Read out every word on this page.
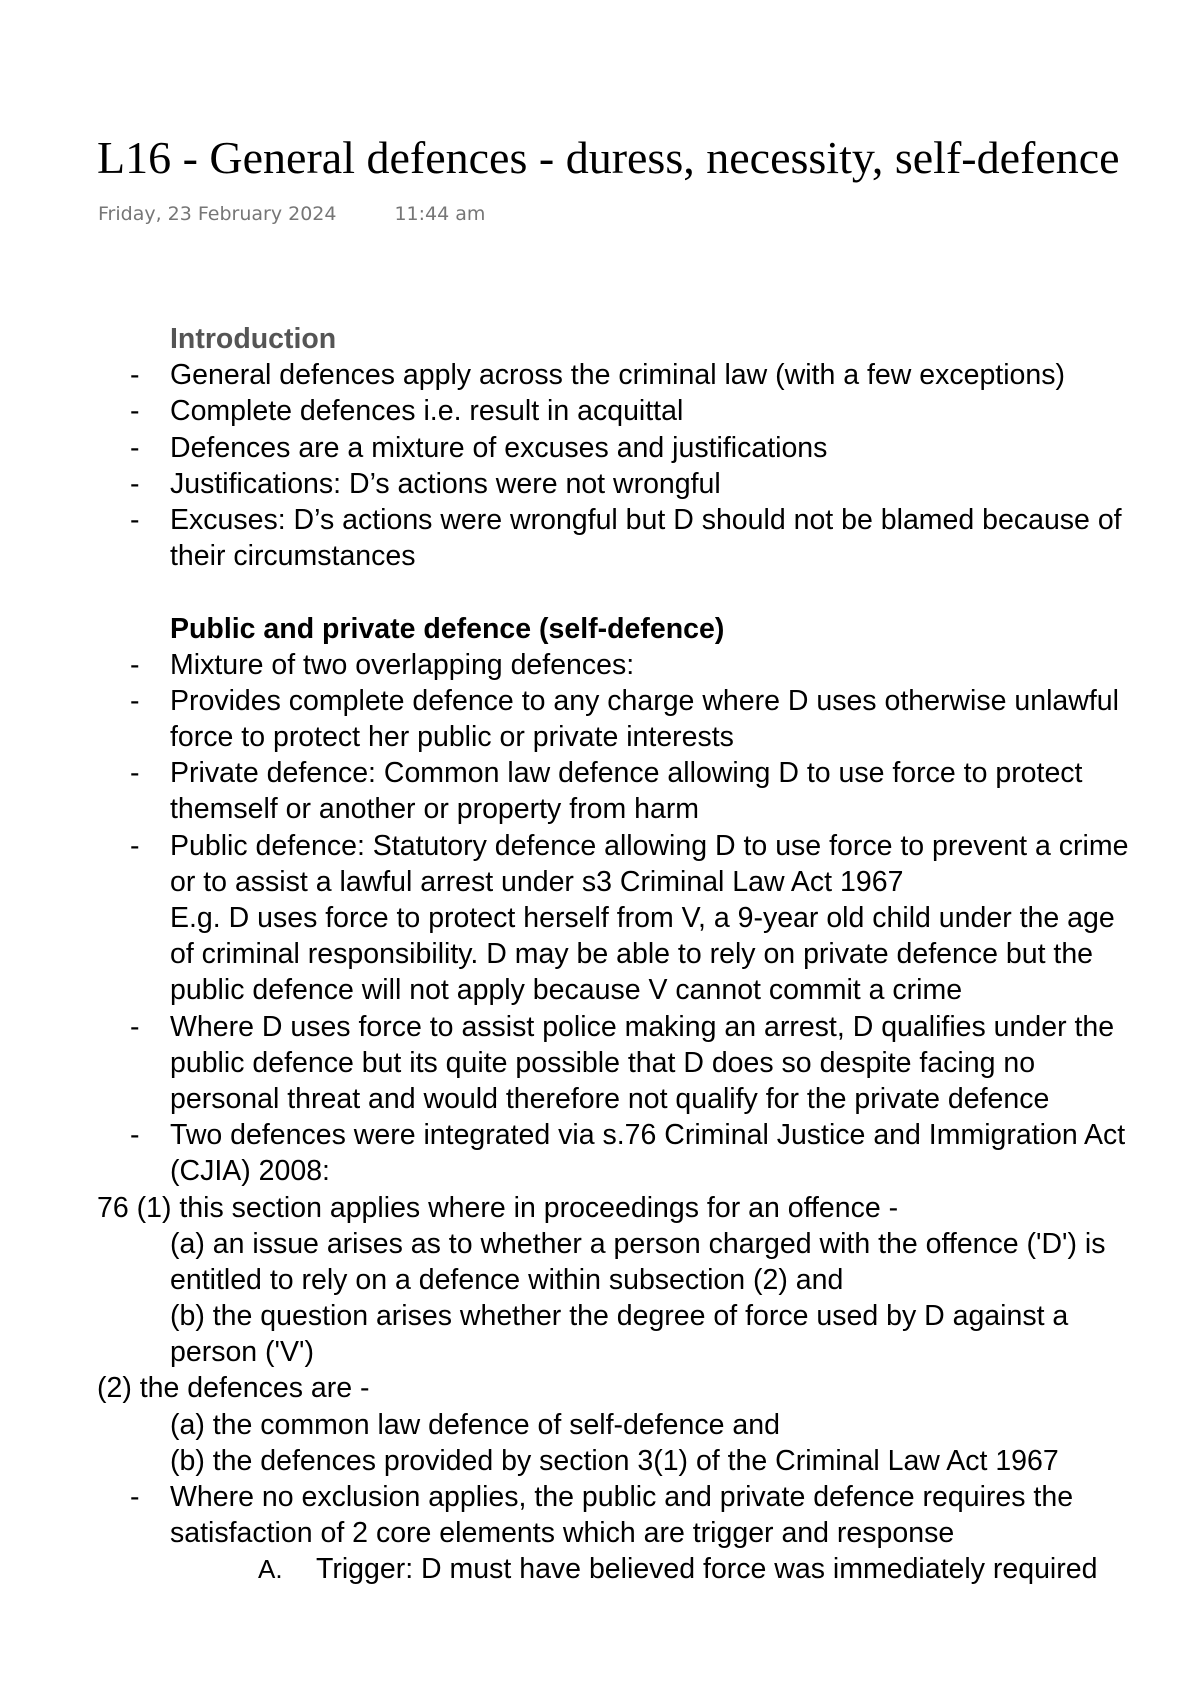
L16 - General defences - duress, necessity, self-defence
Friday, 23 February 2024	11:44 am
Introduction
- General defences apply across the criminal law (with a few exceptions)
- Complete defences i.e. result in acquittal
- Defences are a mixture of excuses and justifications
- Justifications: D’s actions were not wrongful
- Excuses: D’s actions were wrongful but D should not be blamed because of
their circumstances
Public and private defence (self-defence)
- Mixture of two overlapping defences:
- Provides complete defence to any charge where D uses otherwise unlawful
force to protect her public or private interests
- Private defence: Common law defence allowing D to use force to protect
themself or another or property from harm
- Public defence: Statutory defence allowing D to use force to prevent a crime
or to assist a lawful arrest under s3 Criminal Law Act 1967
E.g. D uses force to protect herself from V, a 9-year old child under the age
of criminal responsibility. D may be able to rely on private defence but the
public defence will not apply because V cannot commit a crime
- Where D uses force to assist police making an arrest, D qualifies under the
public defence but its quite possible that D does so despite facing no
personal threat and would therefore not qualify for the private defence
- Two defences were integrated via s.76 Criminal Justice and Immigration Act
(CJIA) 2008:
76 (1) this section applies where in proceedings for an offence -
(a) an issue arises as to whether a person charged with the offence ('D') is
entitled to rely on a defence within subsection (2) and
(b) the question arises whether the degree of force used by D against a
person ('V')
(2) the defences are -
(a) the common law defence of self-defence and
(b) the defences provided by section 3(1) of the Criminal Law Act 1967
- Where no exclusion applies, the public and private defence requires the
satisfaction of 2 core elements which are trigger and response
A. Trigger: D must have believed force was immediately required
